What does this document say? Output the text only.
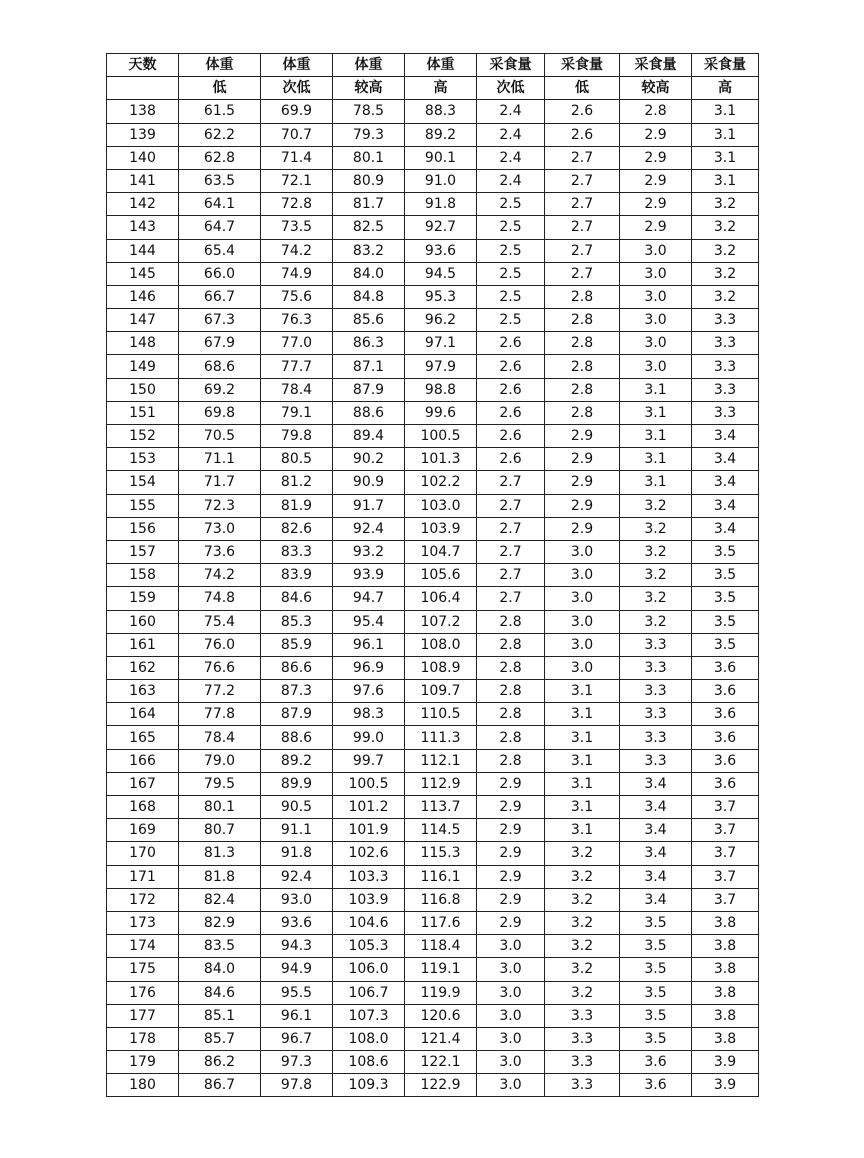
天数	体重	体重	体重	体重	采食量	采食量	采食量	采食量
	低	次低	较高	高	次低	低	较高	高
138	61.5	69.9	78.5	88.3	2.4	2.6	2.8	3.1
139	62.2	70.7	79.3	89.2	2.4	2.6	2.9	3.1
140	62.8	71.4	80.1	90.1	2.4	2.7	2.9	3.1
141	63.5	72.1	80.9	91.0	2.4	2.7	2.9	3.1
142	64.1	72.8	81.7	91.8	2.5	2.7	2.9	3.2
143	64.7	73.5	82.5	92.7	2.5	2.7	2.9	3.2
144	65.4	74.2	83.2	93.6	2.5	2.7	3.0	3.2
145	66.0	74.9	84.0	94.5	2.5	2.7	3.0	3.2
146	66.7	75.6	84.8	95.3	2.5	2.8	3.0	3.2
147	67.3	76.3	85.6	96.2	2.5	2.8	3.0	3.3
148	67.9	77.0	86.3	97.1	2.6	2.8	3.0	3.3
149	68.6	77.7	87.1	97.9	2.6	2.8	3.0	3.3
150	69.2	78.4	87.9	98.8	2.6	2.8	3.1	3.3
151	69.8	79.1	88.6	99.6	2.6	2.8	3.1	3.3
152	70.5	79.8	89.4	100.5	2.6	2.9	3.1	3.4
153	71.1	80.5	90.2	101.3	2.6	2.9	3.1	3.4
154	71.7	81.2	90.9	102.2	2.7	2.9	3.1	3.4
155	72.3	81.9	91.7	103.0	2.7	2.9	3.2	3.4
156	73.0	82.6	92.4	103.9	2.7	2.9	3.2	3.4
157	73.6	83.3	93.2	104.7	2.7	3.0	3.2	3.5
158	74.2	83.9	93.9	105.6	2.7	3.0	3.2	3.5
159	74.8	84.6	94.7	106.4	2.7	3.0	3.2	3.5
160	75.4	85.3	95.4	107.2	2.8	3.0	3.2	3.5
161	76.0	85.9	96.1	108.0	2.8	3.0	3.3	3.5
162	76.6	86.6	96.9	108.9	2.8	3.0	3.3	3.6
163	77.2	87.3	97.6	109.7	2.8	3.1	3.3	3.6
164	77.8	87.9	98.3	110.5	2.8	3.1	3.3	3.6
165	78.4	88.6	99.0	111.3	2.8	3.1	3.3	3.6
166	79.0	89.2	99.7	112.1	2.8	3.1	3.3	3.6
167	79.5	89.9	100.5	112.9	2.9	3.1	3.4	3.6
168	80.1	90.5	101.2	113.7	2.9	3.1	3.4	3.7
169	80.7	91.1	101.9	114.5	2.9	3.1	3.4	3.7
170	81.3	91.8	102.6	115.3	2.9	3.2	3.4	3.7
171	81.8	92.4	103.3	116.1	2.9	3.2	3.4	3.7
172	82.4	93.0	103.9	116.8	2.9	3.2	3.4	3.7
173	82.9	93.6	104.6	117.6	2.9	3.2	3.5	3.8
174	83.5	94.3	105.3	118.4	3.0	3.2	3.5	3.8
175	84.0	94.9	106.0	119.1	3.0	3.2	3.5	3.8
176	84.6	95.5	106.7	119.9	3.0	3.2	3.5	3.8
177	85.1	96.1	107.3	120.6	3.0	3.3	3.5	3.8
178	85.7	96.7	108.0	121.4	3.0	3.3	3.5	3.8
179	86.2	97.3	108.6	122.1	3.0	3.3	3.6	3.9
180	86.7	97.8	109.3	122.9	3.0	3.3	3.6	3.9
